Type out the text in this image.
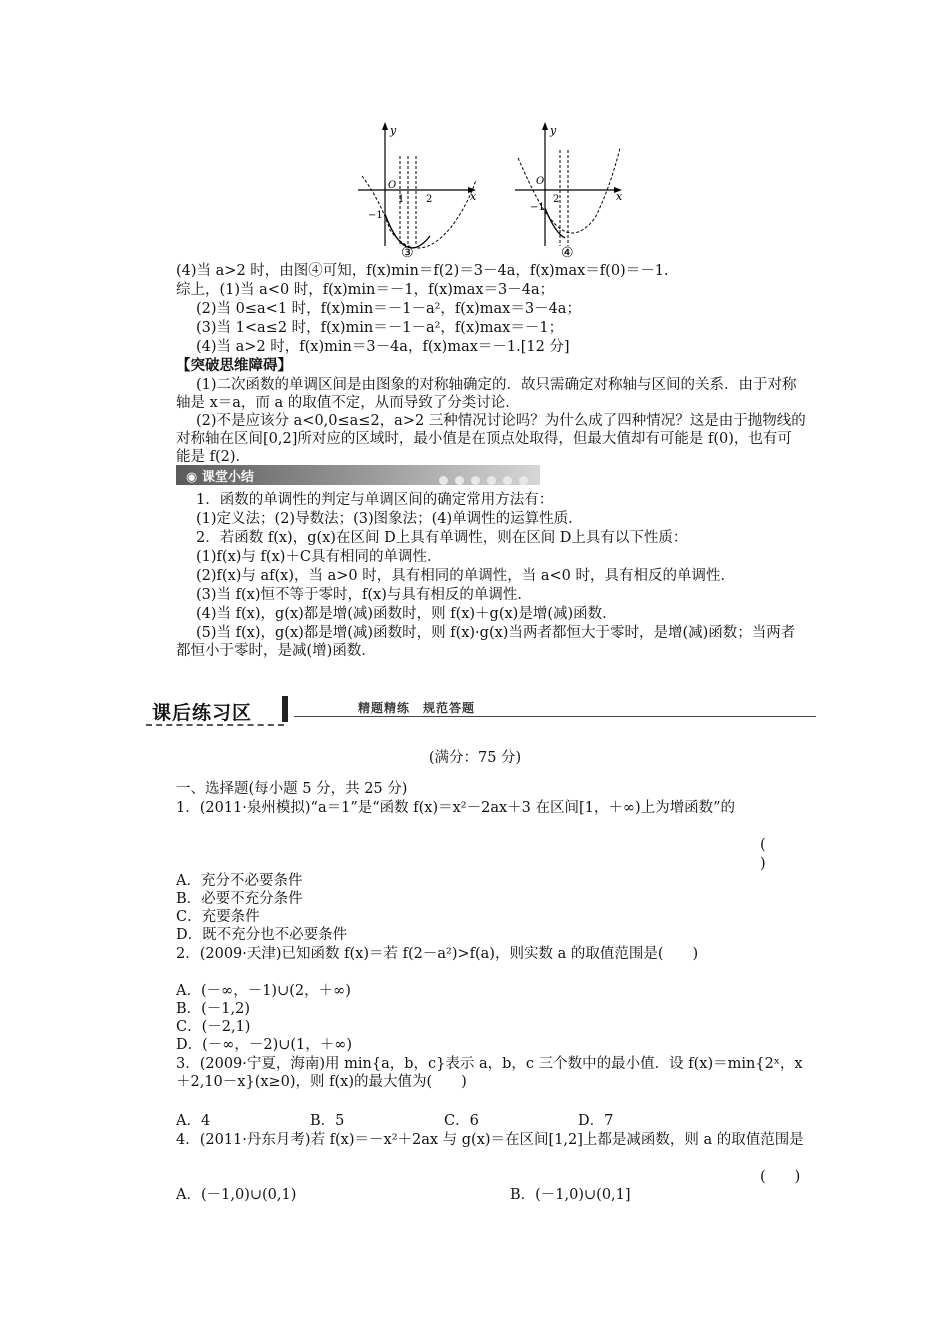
y
x
O
1 2
−1
③
y
x
O
2
−1
④
(4)当 a>2 时，由图④可知，f(x)min＝f(2)＝3－4a，f(x)max＝f(0)＝－1.
综上，(1)当 a<0 时，f(x)min＝－1，f(x)max＝3－4a；
(2)当 0≤a<1 时，f(x)min＝－1－a²，f(x)max＝3－4a；
(3)当 1<a≤2 时，f(x)min＝－1－a²，f(x)max＝－1；
(4)当 a>2 时，f(x)min＝3－4a，f(x)max＝－1.[12 分]
【突破思维障碍】
(1)二次函数的单调区间是由图象的对称轴确定的．故只需确定对称轴与区间的关系．由于对称轴是 x＝a，而 a 的取值不定，从而导致了分类讨论．
(2)不是应该分 a<0,0≤a≤2，a>2 三种情况讨论吗？为什么成了四种情况？这是由于抛物线的对称轴在区间[0,2]所对应的区域时，最小值是在顶点处取得，但最大值却有可能是 f(0)，也有可能是 f(2)．
◉ 课堂小结
1．函数的单调性的判定与单调区间的确定常用方法有：
(1)定义法；(2)导数法；(3)图象法；(4)单调性的运算性质．
2．若函数 f(x)，g(x)在区间 D上具有单调性，则在区间 D上具有以下性质：
(1)f(x)与 f(x)＋C具有相同的单调性．
(2)f(x)与 af(x)，当 a>0 时，具有相同的单调性，当 a<0 时，具有相反的单调性．
(3)当 f(x)恒不等于零时，f(x)与具有相反的单调性．
(4)当 f(x)，g(x)都是增(减)函数时，则 f(x)＋g(x)是增(减)函数．
(5)当 f(x)，g(x)都是增(减)函数时，则 f(x)·g(x)当两者都恒大于零时，是增(减)函数；当两者都恒小于零时，是减(增)函数．
课后练习区	精题精练　规范答题
(满分：75 分)
一、选择题(每小题 5 分，共 25 分)
1．(2011·泉州模拟)“a＝1”是“函数 f(x)＝x²－2ax＋3 在区间[1，＋∞)上为增函数”的
(
)
A．充分不必要条件
B．必要不充分条件
C．充要条件
D．既不充分也不必要条件
2．(2009·天津)已知函数 f(x)＝若 f(2－a²)>f(a)，则实数 a 的取值范围是(　　)
A．(－∞，－1)∪(2，＋∞)
B．(－1,2)
C．(－2,1)
D．(－∞，－2)∪(1，＋∞)
3．(2009·宁夏，海南)用 min{a，b，c}表示 a，b，c 三个数中的最小值．设 f(x)＝min{2ˣ，x＋2,10－x}(x≥0)，则 f(x)的最大值为(　　)
A．4	B．5	C．6	D．7
4．(2011·丹东月考)若 f(x)＝－x²＋2ax 与 g(x)＝在区间[1,2]上都是减函数，则 a 的取值范围是
(　　)
A．(－1,0)∪(0,1)	B．(－1,0)∪(0,1]
